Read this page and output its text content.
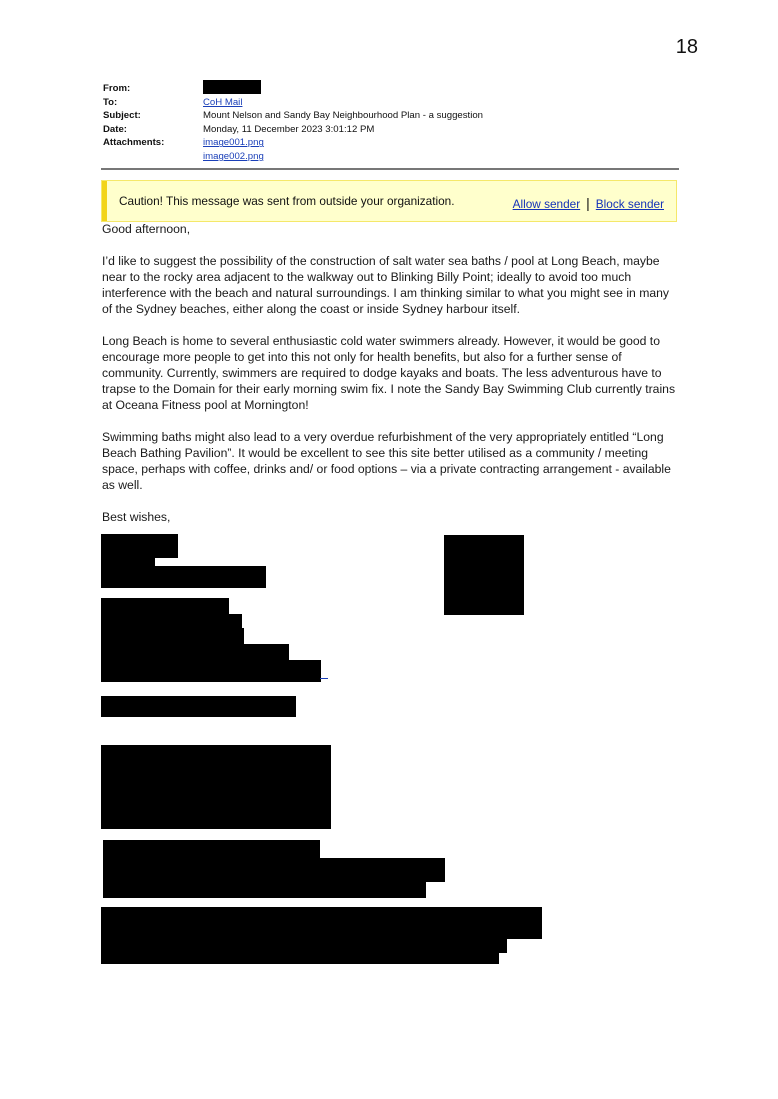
18
From:
To:	CoH Mail
Subject:	Mount Nelson and Sandy Bay Neighbourhood Plan - a suggestion
Date:	Monday, 11 December 2023 3:01:12 PM
Attachments:	image001.png
image002.png
Caution! This message was sent from outside your organization.	Allow sender | Block sender

Good afternoon,

I’d like to suggest the possibility of the construction of salt water sea baths / pool at Long Beach, maybe
near to the rocky area adjacent to the walkway out to Blinking Billy Point; ideally to avoid too much
interference with the beach and natural surroundings. I am thinking similar to what you might see in many
of the Sydney beaches, either along the coast or inside Sydney harbour itself.

Long Beach is home to several enthusiastic cold water swimmers already. However, it would be good to
encourage more people to get into this not only for health benefits, but also for a further sense of
community. Currently, swimmers are required to dodge kayaks and boats. The less adventurous have to
trapse to the Domain for their early morning swim fix. I note the Sandy Bay Swimming Club currently trains
at Oceana Fitness pool at Mornington!

Swimming baths might also lead to a very overdue refurbishment of the very appropriately entitled “Long
Beach Bathing Pavilion”. It would be excellent to see this site better utilised as a community / meeting
space, perhaps with coffee, drinks and/ or food options – via a private contracting arrangement - available
as well.

Best wishes,
